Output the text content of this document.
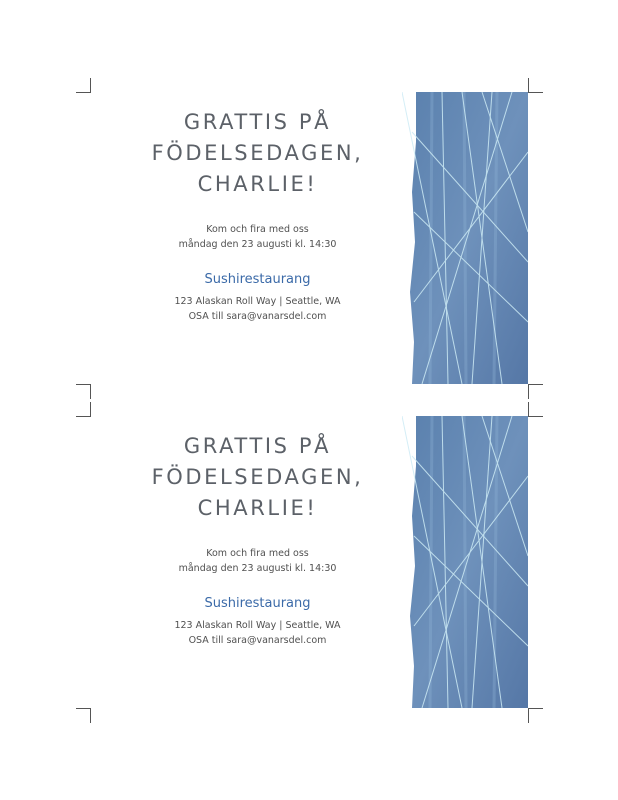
GRATTIS PÅ
FÖDELSEDAGEN,
CHARLIE!
Kom och fira med oss
måndag den 23 augusti kl. 14:30
Sushirestaurang
123 Alaskan Roll Way | Seattle, WA
OSA till sara@vanarsdel.com
GRATTIS PÅ
FÖDELSEDAGEN,
CHARLIE!
Kom och fira med oss
måndag den 23 augusti kl. 14:30
Sushirestaurang
123 Alaskan Roll Way | Seattle, WA
OSA till sara@vanarsdel.com
